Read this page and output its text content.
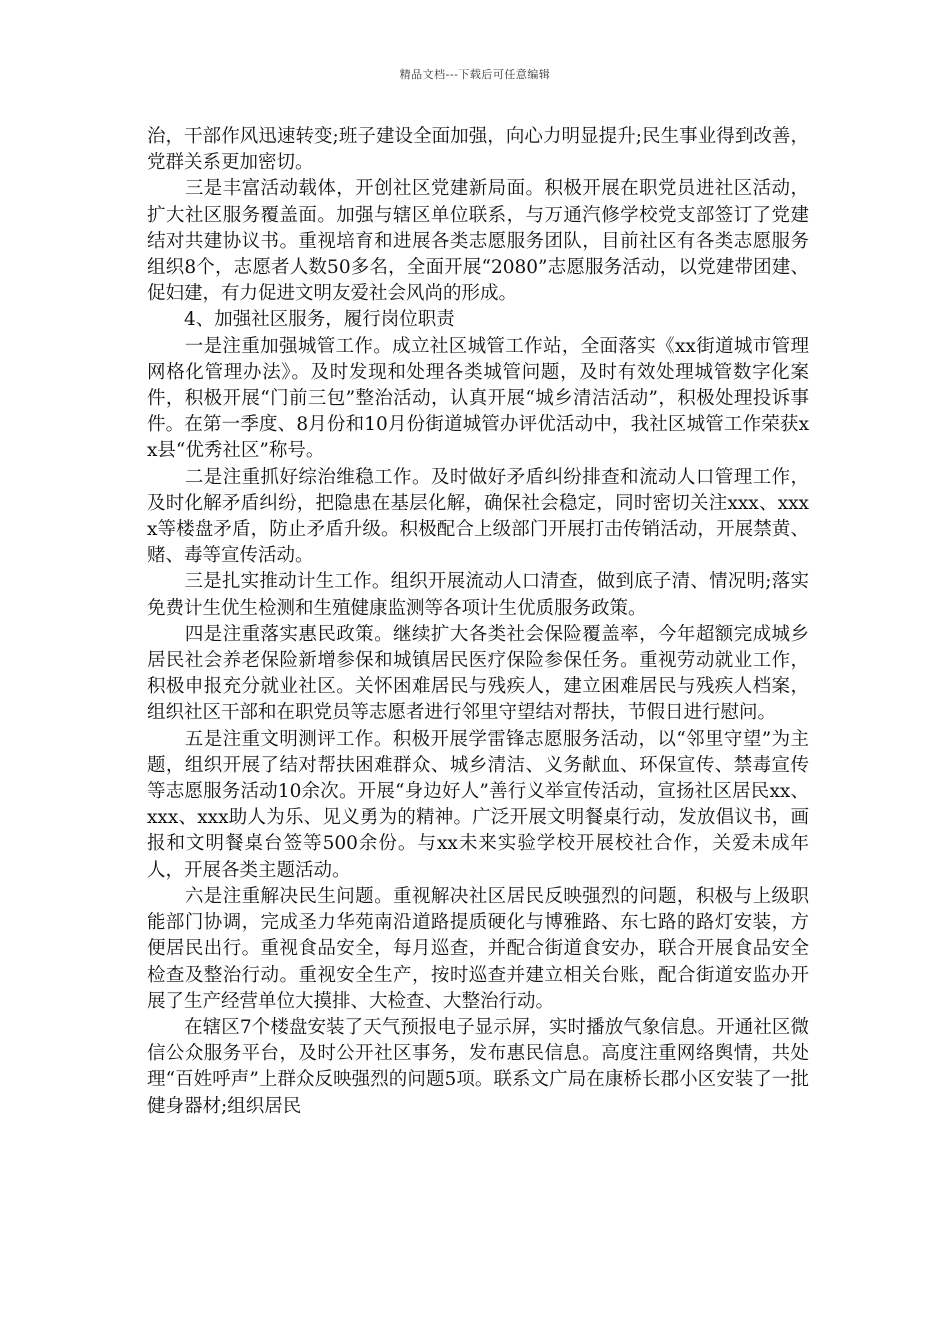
精品文档---下载后可任意编辑

治，干部作风迅速转变;班子建设全面加强，向心力明显提升;民生事业得到改善，党群关系更加密切。

　　三是丰富活动载体，开创社区党建新局面。积极开展在职党员进社区活动，扩大社区服务覆盖面。加强与辖区单位联系，与万通汽修学校党支部签订了党建结对共建协议书。重视培育和进展各类志愿服务团队，目前社区有各类志愿服务组织8个，志愿者人数50多名，全面开展“2080”志愿服务活动，以党建带团建、促妇建，有力促进文明友爱社会风尚的形成。

　　4、加强社区服务，履行岗位职责

　　一是注重加强城管工作。成立社区城管工作站，全面落实《xx街道城市管理网格化管理办法》。及时发现和处理各类城管问题，及时有效处理城管数字化案件，积极开展“门前三包”整治活动，认真开展“城乡清洁活动”，积极处理投诉事件。在第一季度、8月份和10月份街道城管办评优活动中，我社区城管工作荣获xx县“优秀社区”称号。

　　二是注重抓好综治维稳工作。及时做好矛盾纠纷排查和流动人口管理工作，及时化解矛盾纠纷，把隐患在基层化解，确保社会稳定，同时密切关注xxx、xxxx等楼盘矛盾，防止矛盾升级。积极配合上级部门开展打击传销活动，开展禁黄、赌、毒等宣传活动。

　　三是扎实推动计生工作。组织开展流动人口清查，做到底子清、情况明;落实免费计生优生检测和生殖健康监测等各项计生优质服务政策。

　　四是注重落实惠民政策。继续扩大各类社会保险覆盖率，今年超额完成城乡居民社会养老保险新增参保和城镇居民医疗保险参保任务。重视劳动就业工作，积极申报充分就业社区。关怀困难居民与残疾人，建立困难居民与残疾人档案，组织社区干部和在职党员等志愿者进行邻里守望结对帮扶，节假日进行慰问。

　　五是注重文明测评工作。积极开展学雷锋志愿服务活动，以“邻里守望”为主题，组织开展了结对帮扶困难群众、城乡清洁、义务献血、环保宣传、禁毒宣传等志愿服务活动10余次。开展“身边好人”善行义举宣传活动，宣扬社区居民xx、xxx、xxx助人为乐、见义勇为的精神。广泛开展文明餐桌行动，发放倡议书，画报和文明餐桌台签等500余份。与xx未来实验学校开展校社合作，关爱未成年人，开展各类主题活动。

　　六是注重解决民生问题。重视解决社区居民反映强烈的问题，积极与上级职能部门协调，完成圣力华苑南沿道路提质硬化与博雅路、东七路的路灯安装，方便居民出行。重视食品安全，每月巡查，并配合街道食安办，联合开展食品安全检查及整治行动。重视安全生产，按时巡查并建立相关台账，配合街道安监办开展了生产经营单位大摸排、大检查、大整治行动。

　　在辖区7个楼盘安装了天气预报电子显示屏，实时播放气象信息。开通社区微信公众服务平台，及时公开社区事务，发布惠民信息。高度注重网络舆情，共处理“百姓呼声”上群众反映强烈的问题5项。联系文广局在康桥长郡小区安装了一批健身器材;组织居民
